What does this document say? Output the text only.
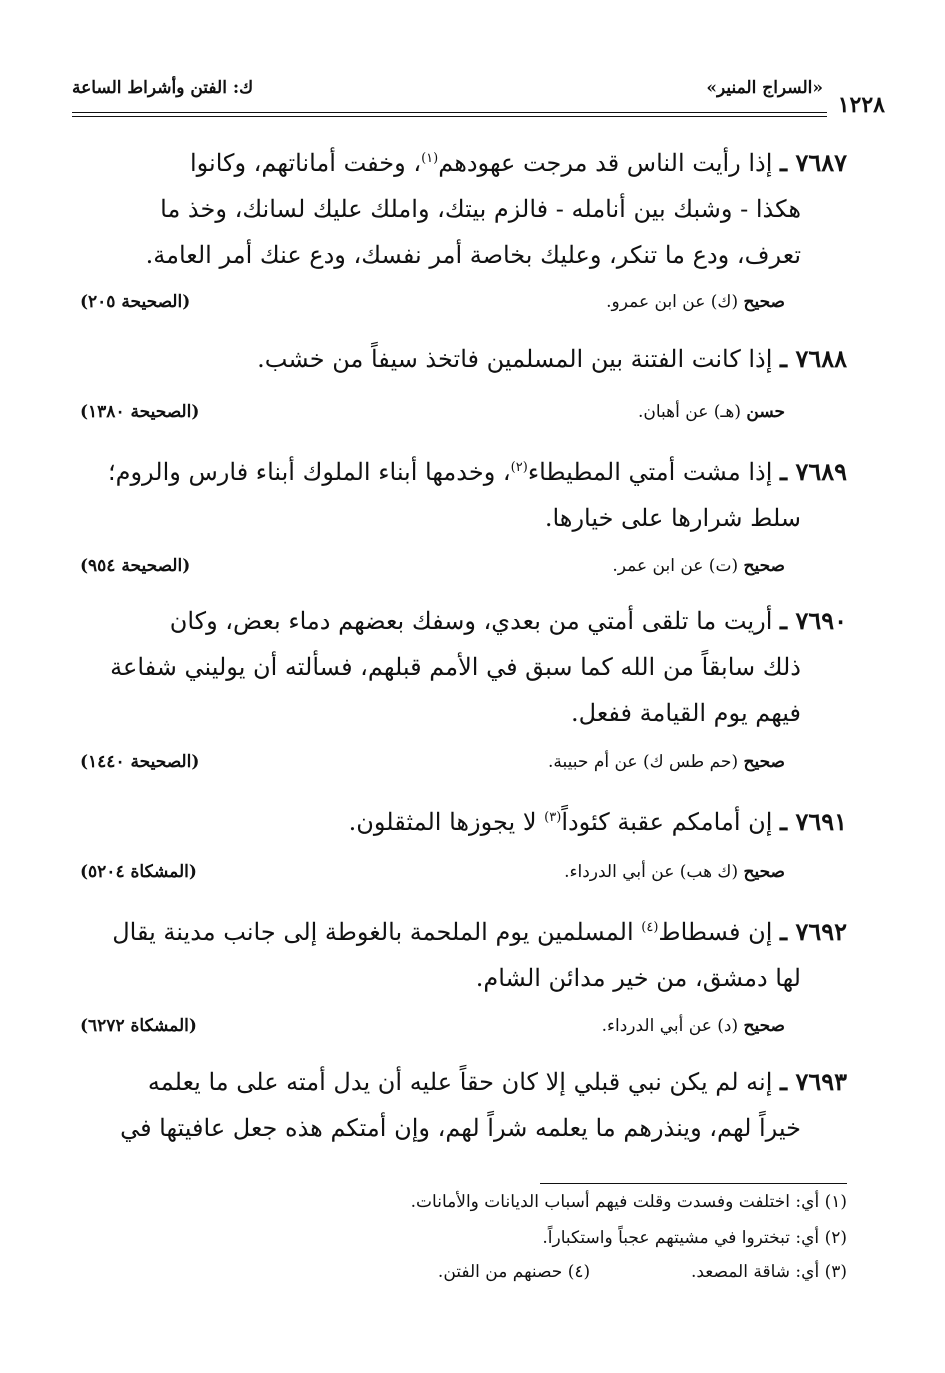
«السراج المنير»
ك: الفتن وأشراط الساعة
١٢٢٨
٧٦٨٧ ـ إذا رأيت الناس قد مرجت عهودهم$^{(١)}$، وخفت أماناتهم، وكانوا
هكذا - وشبك بين أنامله - فالزم بيتك، واملك عليك لسانك، وخذ ما
تعرف، ودع ما تنكر، وعليك بخاصة أمر نفسك، ودع عنك أمر العامة.
صحيح (ك) عن ابن عمرو.
(الصحيحة ٢٠٥)
٧٦٨٨ ـ إذا كانت الفتنة بين المسلمين فاتخذ سيفاً من خشب.
حسن (هـ) عن أهبان.
(الصحيحة ١٣٨٠)
٧٦٨٩ ـ إذا مشت أمتي المطيطاء$^{(٢)}$، وخدمها أبناء الملوك أبناء فارس والروم؛
سلط شرارها على خيارها.
صحيح (ت) عن ابن عمر.
(الصحيحة ٩٥٤)
٧٦٩٠ ـ أريت ما تلقى أمتي من بعدي، وسفك بعضهم دماء بعض، وكان
ذلك سابقاً من الله كما سبق في الأمم قبلهم، فسألته أن يوليني شفاعة
فيهم يوم القيامة ففعل.
صحيح (حم طس ك) عن أم حبيبة.
(الصحيحة ١٤٤٠)
٧٦٩١ ـ إن أمامكم عقبة كئوداً$^{(٣)}$ لا يجوزها المثقلون.
صحيح (ك هب) عن أبي الدرداء.
(المشكاة ٥٢٠٤)
٧٦٩٢ ـ إن فسطاط$^{(٤)}$ المسلمين يوم الملحمة بالغوطة إلى جانب مدينة يقال
لها دمشق، من خير مدائن الشام.
صحيح (د) عن أبي الدرداء.
(المشكاة ٦٢٧٢)
٧٦٩٣ ـ إنه لم يكن نبي قبلي إلا كان حقاً عليه أن يدل أمته على ما يعلمه
خيراً لهم، وينذرهم ما يعلمه شراً لهم، وإن أمتكم هذه جعل عافيتها في
(١) أي: اختلفت وفسدت وقلت فيهم أسباب الديانات والأمانات.
(٢) أي: تبختروا في مشيتهم عجباً واستكباراً.
(٣) أي: شاقة المصعد.  (٤) حصنهم من الفتن.
